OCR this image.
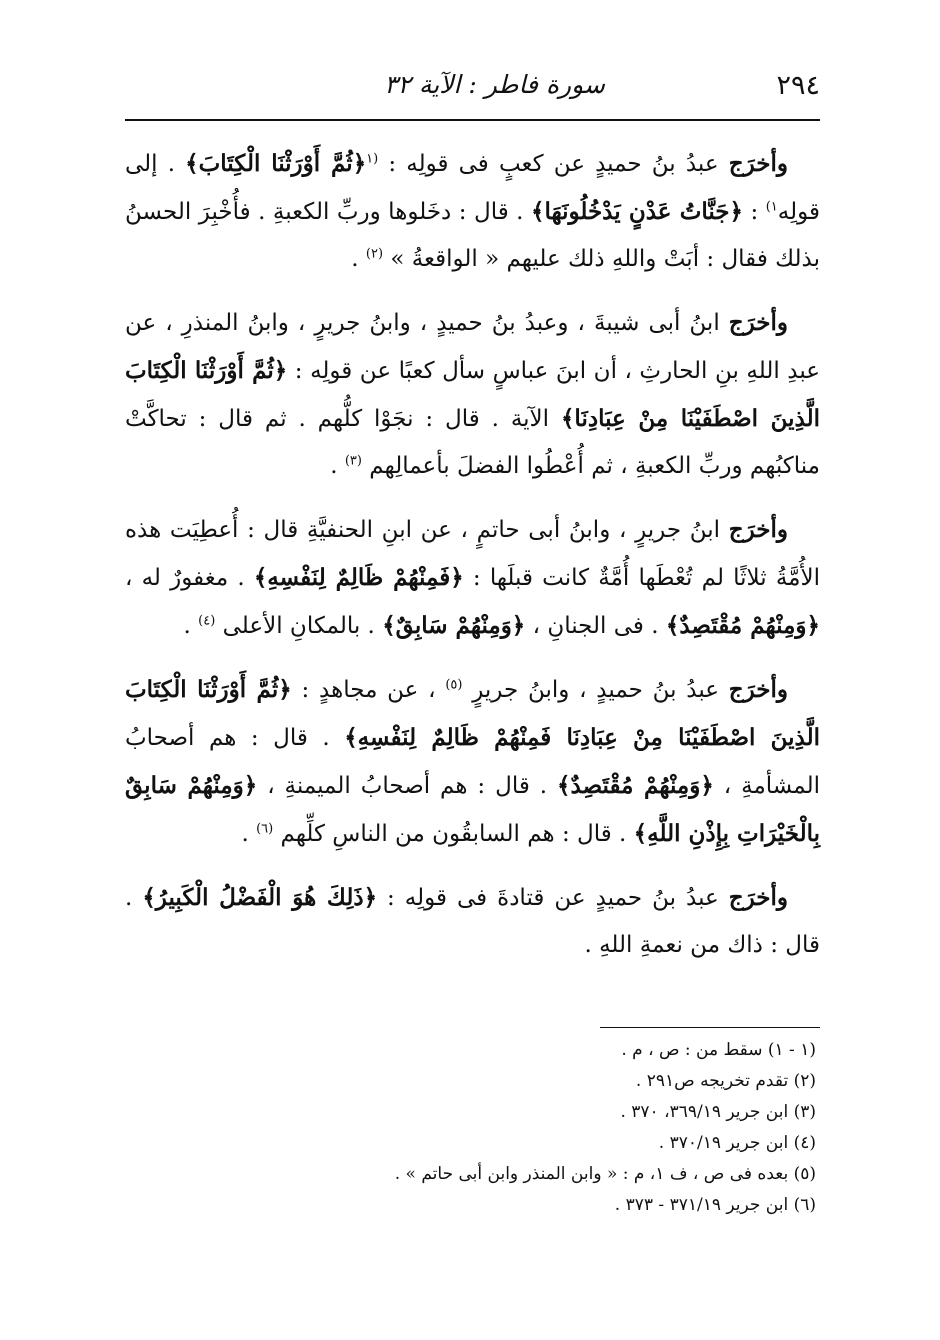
٢٩٤
سورة فاطر : الآية ٣٢

وأخرَج عبدُ بنُ حميدٍ عن كعبٍ فى قولِه : $^{(١}$﴿ثُمَّ أَوْرَثْنَا الْكِتَابَ﴾ . إلى قولِه$^{١)}$ : ﴿جَنَّاتُ عَدْنٍ يَدْخُلُونَهَا﴾ . قال : دخَلوها وربِّ الكعبةِ . فأُخْبِرَ الحسنُ بذلك فقال : أبَتْ واللهِ ذلك عليهم « الواقعةُ » $^{(٢)}$ .

وأخرَج ابنُ أبى شيبةَ ، وعبدُ بنُ حميدٍ ، وابنُ جريرٍ ، وابنُ المنذرِ ، عن عبدِ اللهِ بنِ الحارثِ ، أن ابنَ عباسٍ سأل كعبًا عن قولِه : ﴿ثُمَّ أَوْرَثْنَا الْكِتَابَ الَّذِينَ اصْطَفَيْنَا مِنْ عِبَادِنَا﴾ الآية . قال : نجَوْا كلُّهم . ثم قال : تحاكَّتْ مناكبُهم وربِّ الكعبةِ ، ثم أُعْطُوا الفضلَ بأعمالِهم $^{(٣)}$ .

وأخرَج ابنُ جريرٍ ، وابنُ أبى حاتمٍ ، عن ابنِ الحنفيَّةِ قال : أُعطِيَت هذه الأُمَّةُ ثلاثًا لم تُعْطَها أُمَّةٌ كانت قبلَها : ﴿فَمِنْهُمْ ظَالِمٌ لِنَفْسِهِ﴾ . مغفورٌ له ، ﴿وَمِنْهُمْ مُقْتَصِدٌ﴾ . فى الجنانِ ، ﴿وَمِنْهُمْ سَابِقٌ﴾ . بالمكانِ الأعلى $^{(٤)}$ .

وأخرَج عبدُ بنُ حميدٍ ، وابنُ جريرٍ $^{(٥)}$ ، عن مجاهدٍ : ﴿ثُمَّ أَوْرَثْنَا الْكِتَابَ الَّذِينَ اصْطَفَيْنَا مِنْ عِبَادِنَا فَمِنْهُمْ ظَالِمٌ لِنَفْسِهِ﴾ . قال : هم أصحابُ المشأمةِ ، ﴿وَمِنْهُمْ مُقْتَصِدٌ﴾ . قال : هم أصحابُ الميمنةِ ، ﴿وَمِنْهُمْ سَابِقٌ بِالْخَيْرَاتِ بِإِذْنِ اللَّهِ﴾ . قال : هم السابقُون من الناسِ كلِّهم $^{(٦)}$ .

وأخرَج عبدُ بنُ حميدٍ عن قتادةَ فى قولِه : ﴿ذَلِكَ هُوَ الْفَضْلُ الْكَبِيرُ﴾ . قال : ذاك من نعمةِ اللهِ .

(١ - ١) سقط من : ص ، م .

(٢) تقدم تخريجه ص٢٩١ .

(٣) ابن جرير ٣٦٩/١٩، ٣٧٠ .

(٤) ابن جرير ٣٧٠/١٩ .

(٥) بعده فى ص ، ف ١، م : « وابن المنذر وابن أبى حاتم » .

(٦) ابن جرير ٣٧١/١٩ - ٣٧٣ .
